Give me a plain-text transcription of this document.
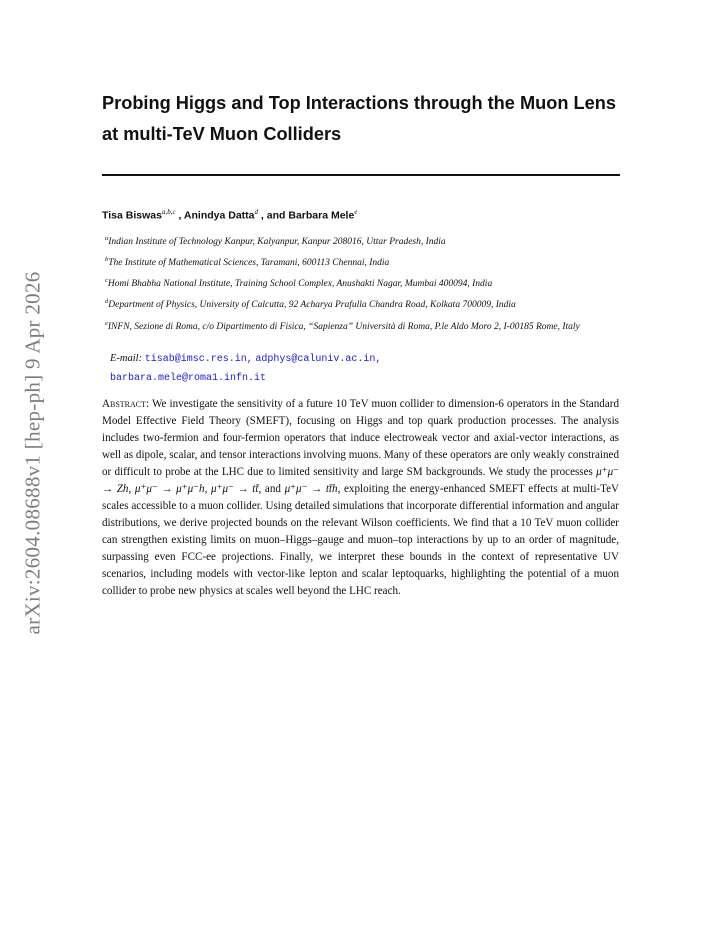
arXiv:2604.08688v1 [hep-ph] 9 Apr 2026
Probing Higgs and Top Interactions through the Muon Lens at multi-TeV Muon Colliders
Tisa Biswas$^{a,b,c}$ , Anindya Datta$^d$ , and Barbara Mele$^e$

$^a$Indian Institute of Technology Kanpur, Kalyanpur, Kanpur 208016, Uttar Pradesh, India

$^b$The Institute of Mathematical Sciences, Taramani, 600113 Chennai, India

$^c$Homi Bhabha National Institute, Training School Complex, Anushakti Nagar, Mumbai 400094, India

$^d$Department of Physics, University of Calcutta, 92 Acharya Prafulla Chandra Road, Kolkata 700009, India

$^e$INFN, Sezione di Roma, c/o Dipartimento di Fisica, “Sapienza” Università di Roma, P.le Aldo Moro 2, I-00185 Rome, Italy

E-mail: tisab@imsc.res.in, adphys@caluniv.ac.in,
barbara.mele@roma1.infn.it

Abstract: We investigate the sensitivity of a future 10 TeV muon collider to dimension-6 operators in the Standard Model Effective Field Theory (SMEFT), focusing on Higgs and top quark production processes. The analysis includes two-fermion and four-fermion operators that induce electroweak vector and axial-vector interactions, as well as dipole, scalar, and tensor interactions involving muons. Many of these operators are only weakly constrained or difficult to probe at the LHC due to limited sensitivity and large SM backgrounds. We study the processes μ⁺μ⁻ → Zh, μ⁺μ⁻ → μ⁺μ⁻h, μ⁺μ⁻ → tt̄, and μ⁺μ⁻ → tt̄h, exploiting the energy-enhanced SMEFT effects at multi-TeV scales accessible to a muon collider. Using detailed simulations that incorporate differential information and angular distributions, we derive projected bounds on the relevant Wilson coefficients. We find that a 10 TeV muon collider can strengthen existing limits on muon–Higgs–gauge and muon–top interactions by up to an order of magnitude, surpassing even FCC-ee projections. Finally, we interpret these bounds in the context of representative UV scenarios, including models with vector-like lepton and scalar leptoquarks, highlighting the potential of a muon collider to probe new physics at scales well beyond the LHC reach.
